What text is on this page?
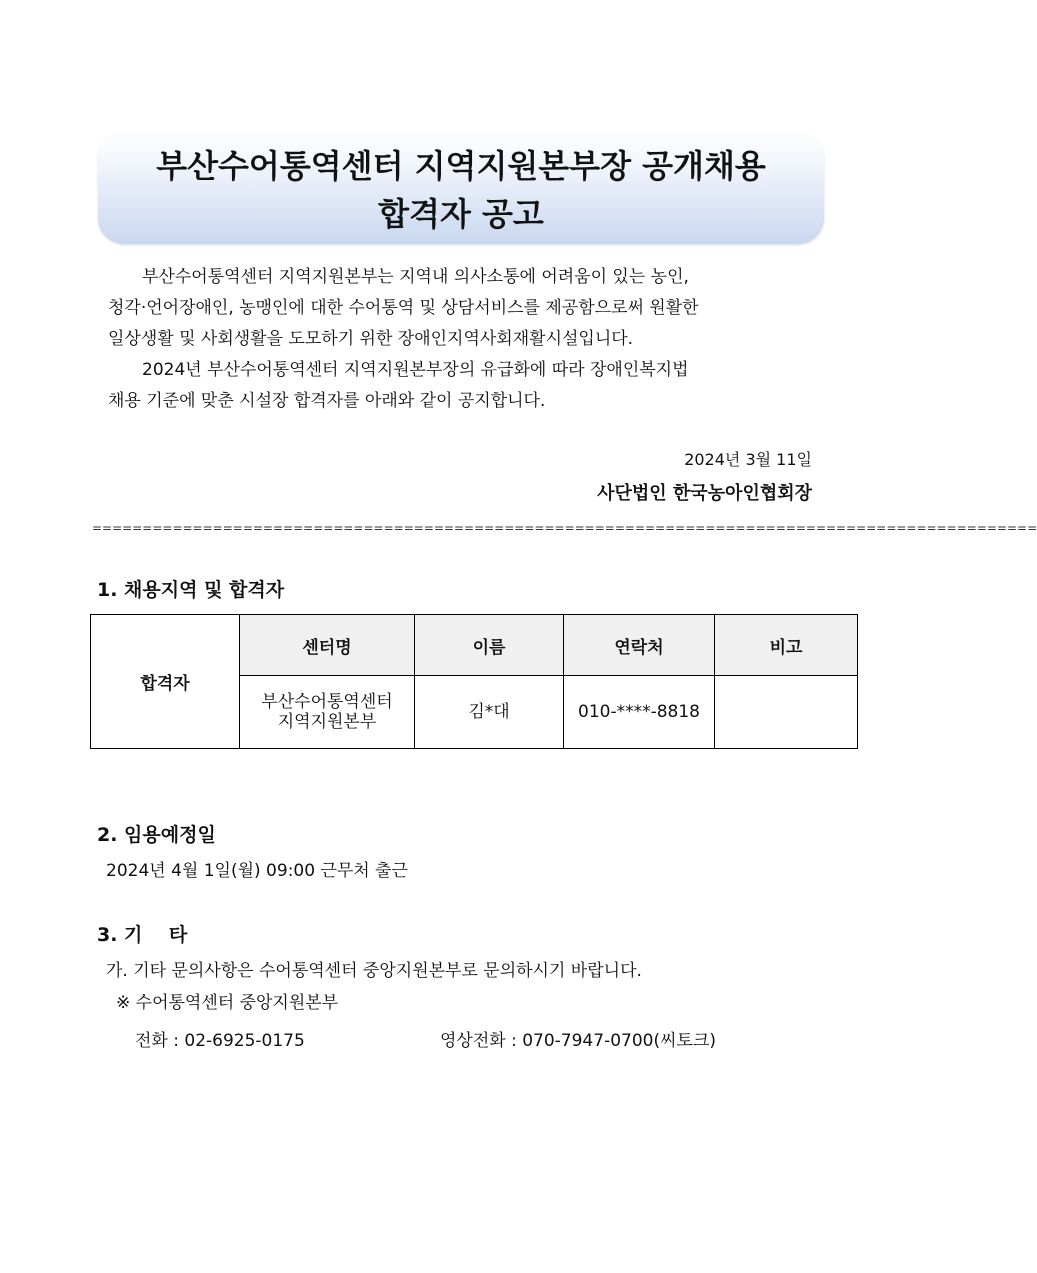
부산수어통역센터 지역지원본부장 공개채용
합격자 공고
부산수어통역센터 지역지원본부는 지역내 의사소통에 어려움이 있는 농인,
청각·언어장애인, 농맹인에 대한 수어통역 및 상담서비스를 제공함으로써 원활한
일상생활 및 사회생활을 도모하기 위한 장애인지역사회재활시설입니다.
2024년 부산수어통역센터 지역지원본부장의 유급화에 따라 장애인복지법
채용 기준에 맞춘 시설장 합격자를 아래와 같이 공지합니다.
2024년 3월 11일
사단법인 한국농아인협회장
==============================================================================================
1. 채용지역 및 합격자
합격자	센터명	이름	연락처	비고

	부산수어통역센터
지역지원본부	김*대	010-****-8818	
2. 임용예정일
2024년 4월 1일(월) 09:00 근무처 출근
3. 기    타
가. 기타 문의사항은 수어통역센터 중앙지원본부로 문의하시기 바랍니다.
※ 수어통역센터 중앙지원본부
전화 : 02-6925-0175	영상전화 : 070-7947-0700(씨토크)
